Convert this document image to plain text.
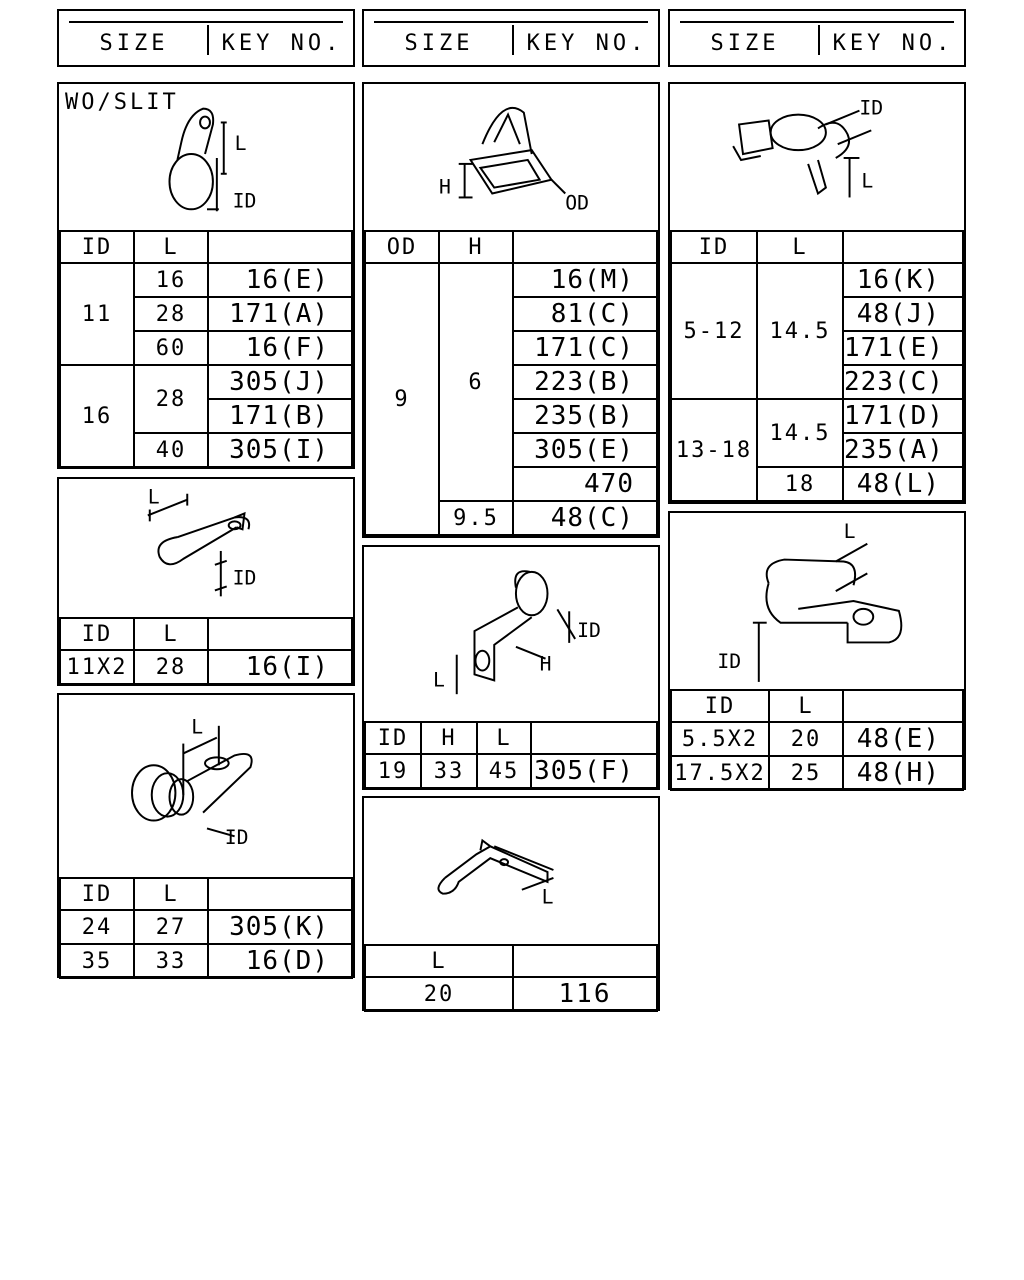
SIZE	KEY NO.	SIZE	KEY NO.	SIZE	KEY NO.
WO/SLIT
L
ID
ID	L	
11	16	16(E)
	28	171(A)
	60	16(F)
16	28	305(J)
		171(B)
	40	305(I)
L
ID
ID	L	
11X2	28	16(I)
L
ID
ID	L	
24	27	305(K)
35	33	16(D)
H
OD
OD	H	
9	6	16(M)
		81(C)
		171(C)
		223(B)
		235(B)
		305(E)
		470
	9.5	48(C)
ID
L
H
ID	H	L	
19	33	45	305(F)
L
L	
20	116
ID
L
ID	L	
5-12	14.5	16(K)
		48(J)
		171(E)
		223(C)
13-18	14.5	171(D)
		235(A)
	18	48(L)
L
ID
ID	L	
5.5X2	20	48(E)
17.5X2	25	48(H)
